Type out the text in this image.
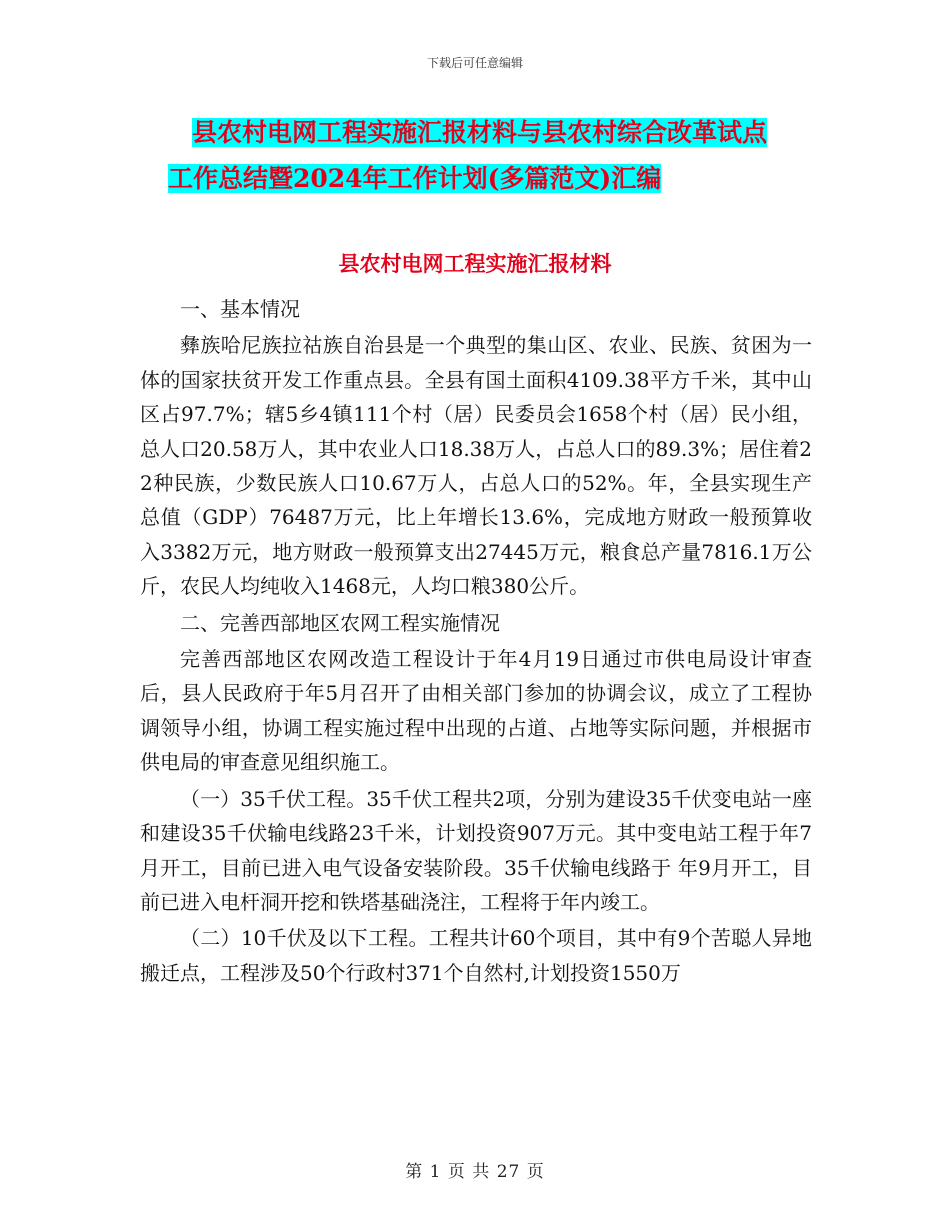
下载后可任意编辑
县农村电网工程实施汇报材料与县农村综合改革试点
工作总结暨2024年工作计划(多篇范文)汇编
县农村电网工程实施汇报材料

一、基本情况

彝族哈尼族拉祜族自治县是一个典型的集山区、农业、民族、贫困为一体的国家扶贫开发工作重点县。全县有国土面积4109.38平方千米，其中山区占97.7%；辖5乡4镇111个村（居）民委员会1658个村（居）民小组，总人口20.58万人，其中农业人口18.38万人，占总人口的89.3%；居住着22种民族，少数民族人口10.67万人，占总人口的52%。年，全县实现生产总值（GDP）76487万元，比上年增长13.6%，完成地方财政一般预算收入3382万元，地方财政一般预算支出27445万元，粮食总产量7816.1万公斤，农民人均纯收入1468元，人均口粮380公斤。

二、完善西部地区农网工程实施情况

完善西部地区农网改造工程设计于年4月19日通过市供电局设计审查后，县人民政府于年5月召开了由相关部门参加的协调会议，成立了工程协调领导小组，协调工程实施过程中出现的占道、占地等实际问题，并根据市供电局的审查意见组织施工。

（一）35千伏工程。35千伏工程共2项，分别为建设35千伏变电站一座和建设35千伏输电线路23千米，计划投资907万元。其中变电站工程于年7月开工，目前已进入电气设备安装阶段。35千伏输电线路于 年9月开工，目前已进入电杆洞开挖和铁塔基础浇注，工程将于年内竣工。

（二）10千伏及以下工程。工程共计60个项目，其中有9个苦聪人异地搬迁点，工程涉及50个行政村371个自然村,计划投资1550万

第 1 页 共 27 页
